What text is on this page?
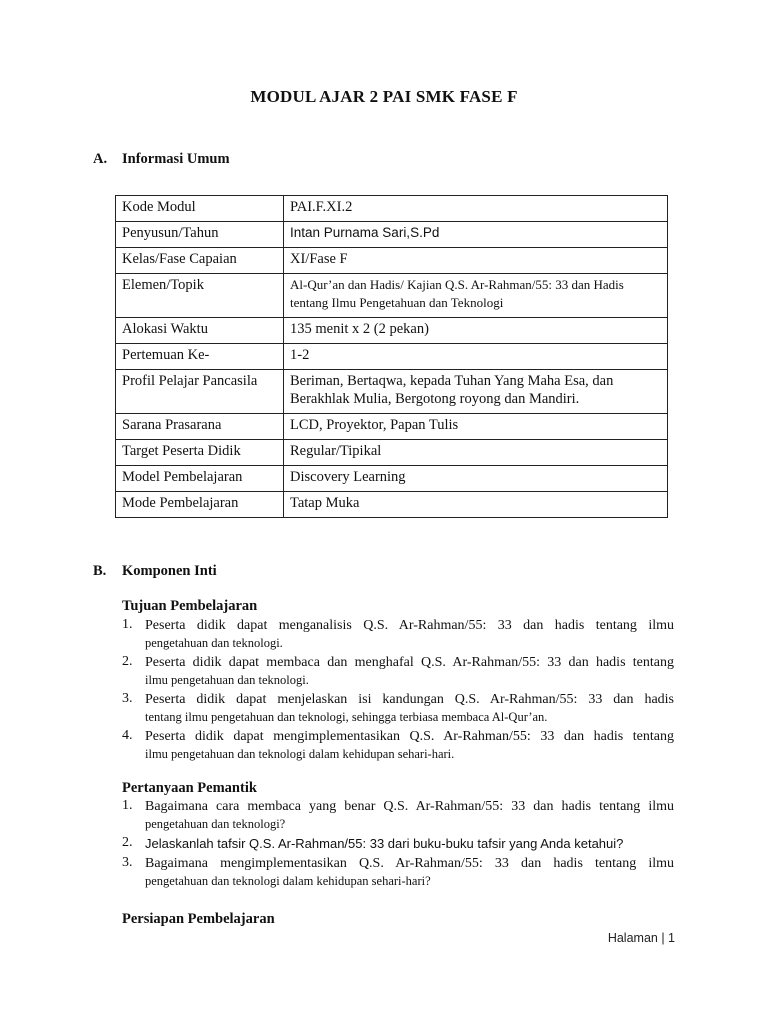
MODUL AJAR 2 PAI SMK FASE F
A. Informasi Umum
Kode Modul	PAI.F.XI.2
Penyusun/Tahun	Intan Purnama Sari,S.Pd
Kelas/Fase Capaian	XI/Fase F
Elemen/Topik	Al-Qur’an dan Hadis/ Kajian Q.S. Ar-Rahman/55: 33 dan Hadis tentang Ilmu Pengetahuan dan Teknologi
Alokasi Waktu	135 menit x 2 (2 pekan)
Pertemuan Ke-	1-2
Profil Pelajar Pancasila	Beriman, Bertaqwa, kepada Tuhan Yang Maha Esa, dan Berakhlak Mulia, Bergotong royong dan Mandiri.
Sarana Prasarana	LCD, Proyektor, Papan Tulis
Target Peserta Didik	Regular/Tipikal
Model Pembelajaran	Discovery Learning
Mode Pembelajaran	Tatap Muka
B. Komponen Inti
Tujuan Pembelajaran
1. Peserta didik dapat menganalisis Q.S. Ar-Rahman/55: 33 dan hadis tentang ilmu
pengetahuan dan teknologi.
2. Peserta didik dapat membaca dan menghafal Q.S. Ar-Rahman/55: 33 dan hadis tentang
ilmu pengetahuan dan teknologi.
3. Peserta didik dapat menjelaskan isi kandungan Q.S. Ar-Rahman/55: 33 dan hadis
tentang ilmu pengetahuan dan teknologi, sehingga terbiasa membaca Al-Qur’an.
4. Peserta didik dapat mengimplementasikan Q.S. Ar-Rahman/55: 33 dan hadis tentang
ilmu pengetahuan dan teknologi dalam kehidupan sehari-hari.
Pertanyaan Pemantik
1. Bagaimana cara membaca yang benar Q.S. Ar-Rahman/55: 33 dan hadis tentang ilmu
pengetahuan dan teknologi?
2. Jelaskanlah tafsir Q.S. Ar-Rahman/55: 33 dari buku-buku tafsir yang Anda ketahui?
3. Bagaimana mengimplementasikan Q.S. Ar-Rahman/55: 33 dan hadis tentang ilmu
pengetahuan dan teknologi dalam kehidupan sehari-hari?
Persiapan Pembelajaran
Halaman | 1
